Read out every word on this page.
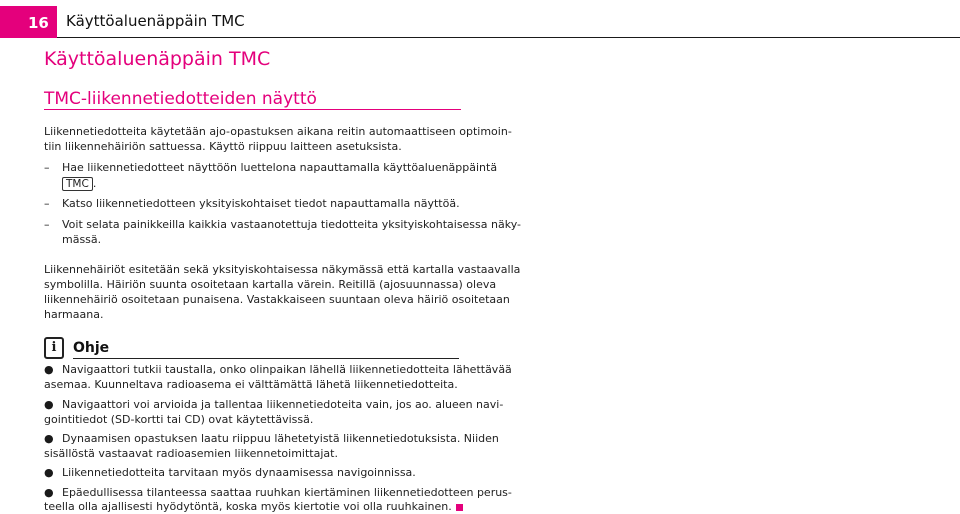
16 Käyttöaluenäppäin TMC
Käyttöaluenäppäin TMC
TMC-liikennetiedotteiden näyttö

Liikennetiedotteita käytetään ajo-opastuksen aikana reitin automaattiseen optimoin-

tiin liikennehäiriön sattuessa. Käyttö riippuu laitteen asetuksista.

– Hae liikennetiedotteet näyttöön luettelona napauttamalla käyttöaluenäppäintä

TMC .

– Katso liikennetiedotteen yksityiskohtaiset tiedot napauttamalla näyttöä.

– Voit selata painikkeilla kaikkia vastaanotettuja tiedotteita yksityiskohtaisessa näky-

mässä.

Liikennehäiriöt esitetään sekä yksityiskohtaisessa näkymässä että kartalla vastaavalla

symbolilla. Häiriön suunta osoitetaan kartalla värein. Reitillä (ajosuunnassa) oleva

liikennehäiriö osoitetaan punaisena. Vastakkaiseen suuntaan oleva häiriö osoitetaan

harmaana.

i	Ohje
● Navigaattori tutkii taustalla, onko olinpaikan lähellä liikennetiedotteita lähettävää

asemaa. Kuunneltava radioasema ei välttämättä lähetä liikennetiedotteita.

● Navigaattori voi arvioida ja tallentaa liikennetiedoteita vain, jos ao. alueen navi-

gointitiedot (SD-kortti tai CD) ovat käytettävissä.

● Dynaamisen opastuksen laatu riippuu lähetetyistä liikennetiedotuksista. Niiden

sisällöstä vastaavat radioasemien liikennetoimittajat.

● Liikennetiedotteita tarvitaan myös dynaamisessa navigoinnissa.

● Epäedullisessa tilanteessa saattaa ruuhkan kiertäminen liikennetiedotteen perus-

teella olla ajallisesti hyödytöntä, koska myös kiertotie voi olla ruuhkainen.
